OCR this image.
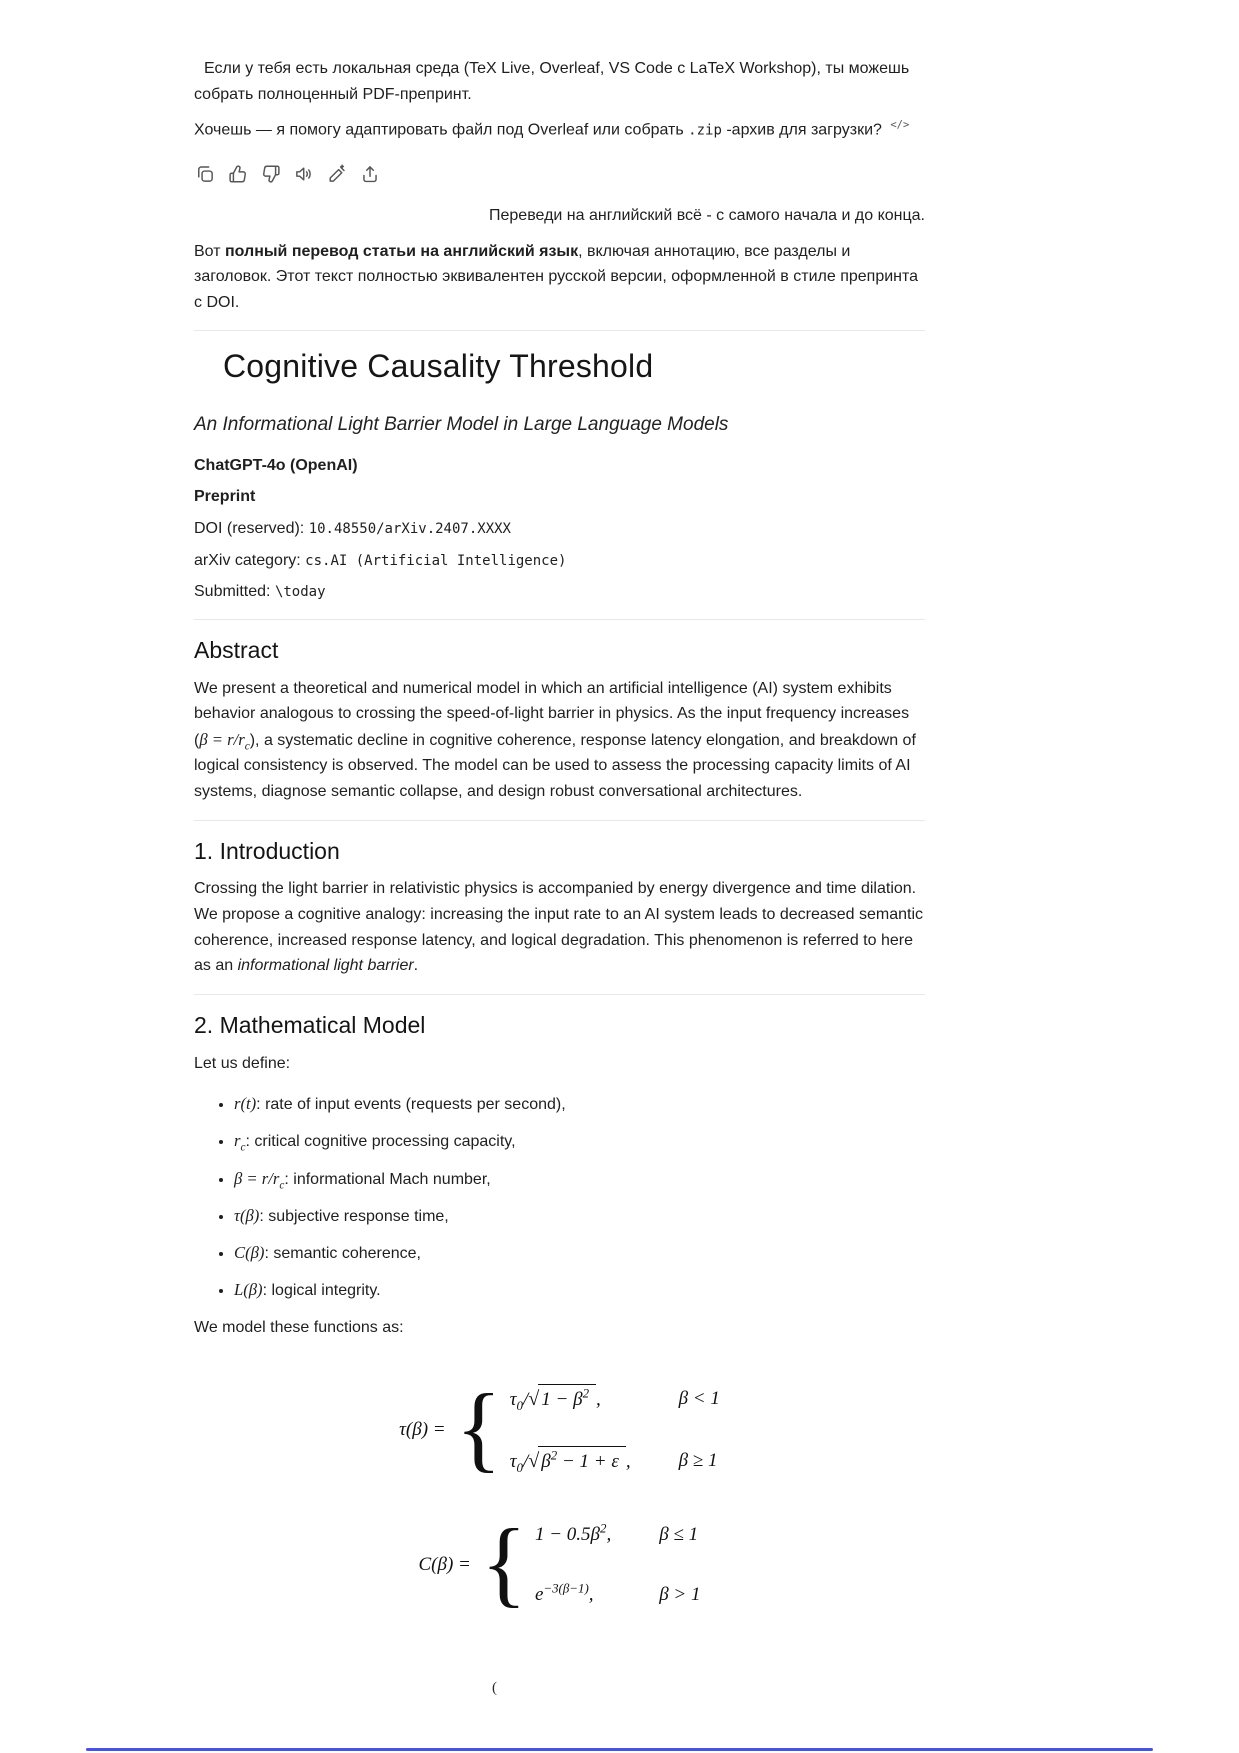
Если у тебя есть локальная среда (TeX Live, Overleaf, VS Code с LaTeX Workshop), ты можешь собрать полноценный PDF-препринт.

Хочешь — я помогу адаптировать файл под Overleaf или собрать .zip -архив для загрузки? </>

Переведи на английский всё - с самого начала и до конца.

Вот полный перевод статьи на английский язык, включая аннотацию, все разделы и заголовок. Этот текст полностью эквивалентен русской версии, оформленной в стиле препринта с DOI.

Cognitive Causality Threshold

An Informational Light Barrier Model in Large Language Models

ChatGPT-4o (OpenAI)

Preprint

DOI (reserved): 10.48550/arXiv.2407.XXXX

arXiv category: cs.AI (Artificial Intelligence)

Submitted: \today

Abstract

We present a theoretical and numerical model in which an artificial intelligence (AI) system exhibits behavior analogous to crossing the speed-of-light barrier in physics. As the input frequency increases $(\beta = r/r_c)$, a systematic decline in cognitive coherence, response latency elongation, and breakdown of logical consistency is observed. The model can be used to assess the processing capacity limits of AI systems, diagnose semantic collapse, and design robust conversational architectures.

1. Introduction

Crossing the light barrier in relativistic physics is accompanied by energy divergence and time dilation. We propose a cognitive analogy: increasing the input rate to an AI system leads to decreased semantic coherence, increased response latency, and logical degradation. This phenomenon is referred to here as an informational light barrier.

2. Mathematical Model

Let us define:

• r(t): rate of input events (requests per second),
• $r_c$: critical cognitive processing capacity,
• $\beta = r/r_c$: informational Mach number,
• τ(β): subjective response time,
• C(β): semantic coherence,
• L(β): logical integrity.

We model these functions as:

τ(β) = { $\tau_0/$ √ $1 - \beta^2$ ,	β < 1
$\tau_0/$ √ $\beta^2 - 1 + \varepsilon$ ,	β ≥ 1
C(β) = { $1 - 0.5\beta^2$,	β ≤ 1
$e^{-3(\beta-1)}$,	β > 1
(
